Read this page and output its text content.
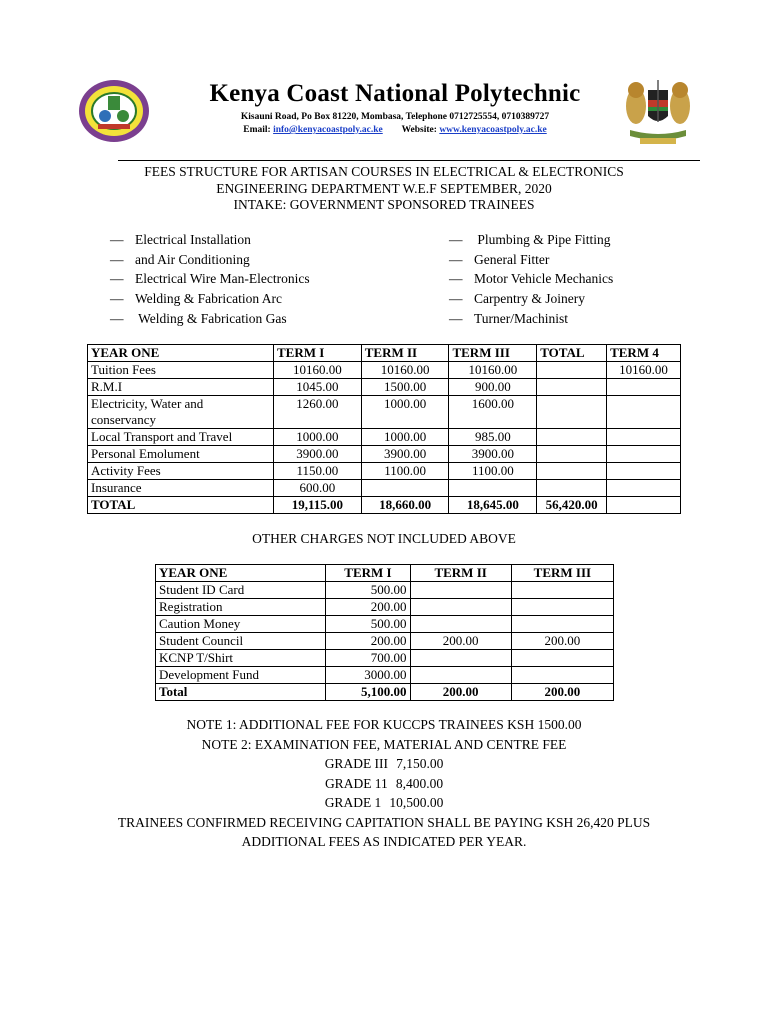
Kenya Coast National Polytechnic
Kisauni Road, Po Box 81220, Mombasa, Telephone 0712725554, 0710389727
Email: info@kenyacoastpoly.ac.ke Website: www.kenyacoastpoly.ac.ke
FEES STRUCTURE FOR ARTISAN COURSES IN ELECTRICAL & ELECTRONICS
ENGINEERING DEPARTMENT W.E.F SEPTEMBER, 2020
INTAKE: GOVERNMENT SPONSORED TRAINEES
— Electrical Installation
— and Air Conditioning
— Electrical Wire Man-Electronics
— Welding & Fabrication Arc
— Welding & Fabrication Gas
— Plumbing & Pipe Fitting
— General Fitter
— Motor Vehicle Mechanics
— Carpentry & Joinery
— Turner/Machinist
YEAR ONE	TERM I	TERM II	TERM III	TOTAL	TERM 4
Tuition Fees	10160.00	10160.00	10160.00		10160.00
R.M.I	1045.00	1500.00	900.00		
Electricity, Water and conservancy	1260.00	1000.00	1600.00		
Local Transport and Travel	1000.00	1000.00	985.00		
Personal Emolument	3900.00	3900.00	3900.00		
Activity Fees	1150.00	1100.00	1100.00		
Insurance	600.00				
TOTAL	19,115.00	18,660.00	18,645.00	56,420.00	
OTHER CHARGES NOT INCLUDED ABOVE
YEAR ONE	TERM I	TERM II	TERM III
Student ID Card	500.00		
Registration	200.00		
Caution Money	500.00		
Student Council	200.00	200.00	200.00
KCNP T/Shirt	700.00		
Development Fund	3000.00		
Total	5,100.00	200.00	200.00
NOTE 1: ADDITIONAL FEE FOR KUCCPS TRAINEES KSH 1500.00
NOTE 2: EXAMINATION FEE, MATERIAL AND CENTRE FEE
GRADE III 7,150.00
GRADE 11 8,400.00
GRADE 1 10,500.00
TRAINEES CONFIRMED RECEIVING CAPITATION SHALL BE PAYING KSH 26,420 PLUS
ADDITIONAL FEES AS INDICATED PER YEAR.
